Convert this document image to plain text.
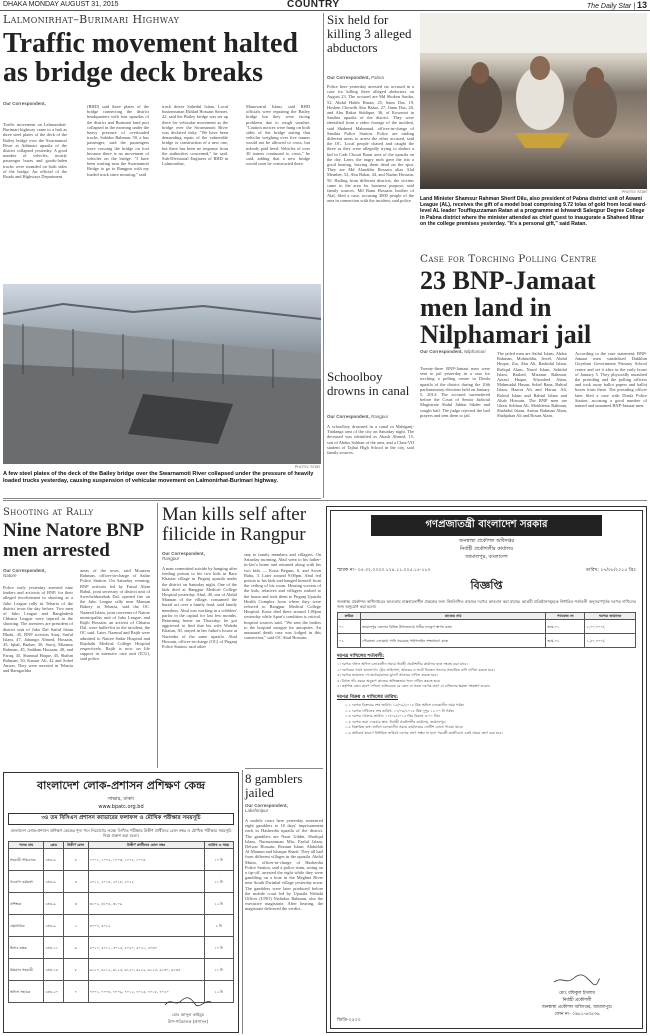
DHAKA MONDAY AUGUST 31, 2015	COUNTRY	The Daily Star | 13
Lalmonirhat–Burimari Highway
Traffic movement halted as bridge deck breaks
Our Correspondent,
Traffic movement on Lalmonirhat-Burimari highway came to a halt as three steel plates of the deck of the Bailey bridge over the Swarnamoti River at Aditmari upazila of the district collapsed yesterday. A good number of vehicles, mostly passenger buses and goods-laden trucks were stranded on both sides of the bridge. An official of the Roads and Highways Department
(RHD) said three plates of the bridge connecting the district headquarters with four upazilas of the district and Burimari land port collapsed in the morning under the heavy pressure of overloaded trucks. Sahidur Rahman, 50, a bus passenger, said the passengers were crossing the bridge on foot because there is no movement of vehicles on the bridge. "I have been waiting near the Swarnamoti Bridge to go to Rangpur with my loaded truck since morning," said
truck driver Sahedul Islam. Local businessman Ekhlad Hossain Sonnet, 42, said the Bailey bridge was set up there for vehicular movement as the bridge over the Swarnamoti River was declared risky. "We have been demanding repair of the vulnerable bridge or construction of a new one, but there has been no response from the authorities concerned," he said. Sub-Divisional Engineer of RHD in Lalmonirhat,
Manowarul Islam, said RHD officials were repairing the Bailey bridge but they were facing problems due to rough weather. "Caution notices were hung on both sides of the bridge stating that vehicles weighing over five tonnes would not be allowed to cross, but nobody paid heed. Vehicles of over 30 tonnes continued to cross," he said, adding that a new bridge would soon be constructed there.
PHOTO: STAR
A few steel plates of the deck of the Bailey bridge over the Swarnamoti River collapsed under the pressure of heavily loaded trucks yesterday, causing suspension of vehicular movement on Lalmonirhat-Burimari highway.
Six held for killing 3 alleged abductors
Our Correspondent, Pabna
Police here yesterday arrested six accused in a case for killing three alleged abductors on August 23. The accused are Md Shoken Sardar, 52, Abdul Habib Hasan, 25, Saim Das, 19, Hoshen Chowdh Abu Bakar, 27, Jinnu Das, 20, and Abu Bakar Siddique, 36, of Kosomoi in Santhia upazila of the district. They were identified from a video footage of the incident, said Shaheed Mahamud, officer-in-charge of Santhia Police Station. Police are raiding different areas to arrest the other accused, said the OC. Local people chased and caught the three as they were allegedly trying to abduct a kid in Cadt Chorai Burai area of the upazila on the day. Later, the angry mob gave the trio a good beating, leaving them dead on the spot. They are Md Alauddin Hossain alias Alal Member, 52, Abu Bakar, 44, and Nazim Hossain, 50. Hailing from different districts, the victims came to the area for business purpose, said family sources. Md Banu Hossain, brother of Alal, filed a case, accusing 3000 people of the area in connection with the incident, said police.
Schoolboy drowns in canal
Our Correspondent, Rangpur
A schoolboy drowned in a canal in Mahiganj-Tindanga area of the city on Saturday night. The deceased was identified as Akash Ahmed, 15, son of Abdus Sobhan of the area, and a Class-VII student of Tajhat High School in the city, said family sources.
PHOTO: STAR
Land Minister Shamsur Rahman Sherif Dilu, also president of Pabna district unit of Awami League (AL), receives the gift of a model boat comprising 9.72 tolas of gold from local ward-level AL leader Touffiquzzaman Ratan at a programme at Ishwardi Saleqpur Degree College in Pabna district where the minister attended as chief guest to inaugurate a Shaheed Minar on the college premises yesterday. "It's a personal gift," said Ratan.
Case for Torching Polling Centre
23 BNP-Jamaat men land in Nilphamari jail
Our Correspondent, Nilphamari
Twenty-three BNP-Jamaat men were sent to jail yesterday in a case for torching a polling centre in Dimla upazila of the district during the 10th parliamentary elections held on January 5, 2014. The accused surrendered before the Court of Senior Judicial Magistrate Abdul Jabbar Sikder and sought bail. The judge rejected the bail prayers and sent them to jail.
The jailed men are Saiful Islam, Abdur Rahman, Mohiuddin, Jewel, Abdul Hoque, Zia, Abu Ali, Rashidul Islam, Rafiqul Alam, Nurul Islam, Sohidul Islam, Rashed, Mizanur Rahman, Azizul Haque, Khorshed Alam, Mahmudul Hasan, Sohel Rana, Rabiul Islam, Hazrat Ali and Harun. Ali, Robiul Islam and Rabiul Islam and Altab Hossain. The BNP men are Ghazi Sobhan Ali, Mokhlesur Rahman, Shahidul Islam, Anisur Rahman Alam, Shahjahan Ali and Rosan Alam.
According to the case statement, BNP-Jamaat men vandalised Dakkhin Goyabari Government Primary School centre and set it afire in the early hours of January 5. They physically assaulted the presiding and the polling officers and took away ballot papers and ballot boxes from there. The presiding officer later filed a case with Dimla Police Station, accusing a good number of named and unnamed BNP-Jamaat men.
Shooting at Rally
Nine Natore BNP men arrested
Our Correspondent,
Natore
Police early yesterday arrested nine leaders and activists of BNP, for their alleged involvement in shooting at a Jubo League rally in Tebaria of the district town the day before. Two men of Jubo League and Bangladesh Chhatra League were injured in the shooting. The arrestees are president of district unit of Jubo Dal Saiful Islam Bhabi, 45, BNP activists Siraj, Saiful Islam, 47, Jahangir Ahmed, Hossain, 45, Iqbal, Bashar, 30, Soroj, Mizanur Rahman, 45, Saddam Hossain, 40, and Faruq, 45, Shamsul Haque, 45, Shahin Rahman, 50, Kausar Ali, 42 and Sohel Anwar. They were arrested in Tebaria and Baragachha
areas of the town, said Moazem Rahman, officer-in-charge of Sadar Police Station. On Saturday evening, BNP activists led by Faisal Alam Babul, joint secretary of district unit of Swechchhasebak Dal, opened fire on the Jubo League rally near Mamun Bakery at Tebaria, said the OC. Nazmul Islam, joint convener of Natore municipality unit of Jubo League, and Rajib Hossain, an activist of Chhatra Dal, were bullet-hit in the incident, the OC said. Later, Nazmul and Rajib were admitted to Natore Sadar Hospital and Rajshahi Medical College Hospital respectively. Rajib is now on life support in intensive care unit (ICU), said police.
Man kills self after filicide in Rangpur
Our Correspondent,
Rangpur
A man committed suicide by hanging after feeding poison to his two kids in Baro Khatazi village in Pirganj upazila under the district on Saturday night. One of the kids died at Rangpur Medical College Hospital yesterday. Abul, 40, son of Abdul Mannan of the village, consumed the burial act over a family feud, said family members. Abul was working in a cobblers' parlor in the capital for last few months. Returning home on Thursday, he got aggrieved to find that his wife Waleda Khatun, 30, stayed in her father's house at Narendra of the same upazila. Abul Hossain, officer-in-charge (OC) of Pirganj Police Station, said other
stay to family members and villagers. On Saturday morning, Abul went to his father-in-law's home and returned along with his two kids — Kona Begum, 6, and Swon Babu, 3. Later around 9:00pm, Abul fed poison to his kids and hanged himself from the ceiling of his room. Hearing scream of the kids, relatives and villagers rushed to the house and took them to Pirganj Upazila Health Complex from where they were referred to Rangpur Medical College Hospital. Kona died there around 1:00pm yesterday while Apon's condition is critical, hospital sources said. "We sent the bodies to the hospital morgue for autopsies. An unnatural death case was lodged in this connection," said OC Abul Hossain.
8 gamblers jailed
Our Correspondent,
Lakshmipur
A mobile court here yesterday sentenced eight gamblers to 10 days' imprisonment each in Hasherdia upazila of the district. The gamblers are Nasir Uddin, Shafiqul Islam, Nurnuzzaman Mia, Fazlul Islam, Delwar Hossain, Rezaun Islam, Abdullah Al-Mamun and Ishaque Sharif. They all hail from different villages in the upazila. Abdul Mutin, officer-in-charge of Hasherdia Police Station, said a police team, acting on a tip-off, arrested the eight while they were gambling on a boat in the Meghna River near South Dwinkal village yesterday noon. The gamblers were later produced before the mobile court led by Upazila Nirbahi Officer (UNO) Nishakor Rahman, also the executive magistrate. After hearing, the magistrate delivered the verdict.
বাংলাদেশ লোক-প্রশাসন প্রশিক্ষণ কেন্দ্র
সাভার, ঢাকা।
www.bpatc.org.bd
৩৪ তম বিসিএস প্রশাসন ক্যাডারের ফলাফল ও মৌখিক পরীক্ষার সময়সূচি
বাংলাদেশ লোক-প্রশাসন প্রশিক্ষণ কেন্দ্রের শূন্য পদে নিয়োগের লক্ষ্যে লিখিত পরীক্ষায় উত্তীর্ণ প্রার্থীদের রোল নম্বর ও মৌখিক পরীক্ষার সময়সূচি নিম্নে প্রকাশ করা হলো।
পদের নাম	গ্রেড	উত্তীর্ণ রোল	উত্তীর্ণ প্রার্থীদের রোল নম্বর	তারিখ ও সময়
সহকারী পরিচালক	গ্রেড-৯	৫	১০০১, ১০০২, ১০০৩, ১০০৫, ১০০৬	১০ টা
গবেষণা কর্মকর্তা	গ্রেড-৯	৪	২০১১, ২০১৪, ২০১৮, ২০২২	১১ টা
প্রশিক্ষক	গ্রেড-৯	৩	৩১০২, ৩১০৫, ৩১০৯	১২ টা
গ্রন্থাগারিক	গ্রেড-৯	২	৪০০৭, ৪০১২	২ টা
হিসাব রক্ষক	গ্রেড-১১	৬	৫০১০, ৫০১১, ৫০১৫, ৫০২০, ৫০২১, ৫০৩০	১০ টা
উচ্চমান সহকারী	গ্রেড-১৪	৮	৬১১০, ৬১১২, ৬১১৫, ৬১২০, ৬১২২, ৬১২৫, ৬১৩০, ৬১৩৫	১১ টা
অফিস সহায়ক	গ্রেড-২০	৭	৭০০১, ৭০০৪, ৭০০৯, ৭০১২, ৭০১৫, ৭০১৮, ৭০২০	১২ টা
মোঃ আব্দুল কাইয়ুম
উপ-পরিচালক (প্রশাসন)
গণপ্রজাতন্ত্রী বাংলাদেশ সরকার
জনস্বাস্থ্য প্রকৌশল অধিদপ্তর
নির্বাহী প্রকৌশলীর কার্যালয়
জামালপুর, বাংলাদেশ
স্মারক নং- ৩৫.৩২.০০০০.১২৪.১১.০০৫.১৫-১৮০	তারিখ: ২৭/০৮/২০১৫ খ্রিঃ
বিজ্ঞপ্তি
জনস্বাস্থ্য প্রকৌশল অধিদপ্তরের আওতায় বাস্তবায়নাধীন প্রকল্পের জন্য নিম্নলিখিত কাজের দরপত্র আহবান করা যাচ্ছে। আগ্রহী প্রতিষ্ঠানসমূহকে নির্ধারিত শর্তাবলী অনুসরণপূর্বক দরপত্র দাখিলের জন্য অনুরোধ করা হলো।
ক্রমিক	কাজের নাম	প্যাকেজ নং	দরপত্র জামানত
০১	জামালপুর জেলার বিভিন্ন উপজেলায় গভীর নলকূপ স্থাপন কাজ	জাম-০১	২,০০,০০০/-
০২	পৌরসভা এলাকায় পানি সরবরাহ পাইপলাইন সম্প্রসারণ কাজ	জাম-০২	১,৫০,০০০/-
দরপত্র দাখিলের শর্তাবলী:
১। দরপত্র দলিল অফিস চলাকালীন সময়ে নির্বাহী প্রকৌশলীর কার্যালয় হতে সংগ্রহ করা যাবে।
২। দরপত্রের সাথে হালনাগাদ ট্রেড লাইসেন্স, আয়কর ও ভ্যাট নিবন্ধন সনদের সত্যায়িত কপি দাখিল করতে হবে।
৩। দরপত্র জামানত পে-অর্ডার/ব্যাংক ড্রাফট আকারে দাখিল করতে হবে।
৪। বিগত পাঁচ বছরে অনুরূপ কাজের অভিজ্ঞতার সনদ দাখিল করতে হবে।
৫। কর্তৃপক্ষ কোন কারণ দর্শানো ব্যতিরেকে যে কোন বা সকল দরপত্র গ্রহণ বা বাতিলের ক্ষমতা সংরক্ষণ করেন।
দরপত্র বিক্রয় ও দাখিলের তারিখ:
১.১ দরপত্র বিক্রয়ের শেষ তারিখ: ১৬/০৯/২০১৫ খ্রিঃ অফিস চলাকালীন সময় পর্যন্ত।
১.২ দরপত্র দাখিলের শেষ তারিখ: ১৭/০৯/২০১৫ খ্রিঃ দুপুর ১২.০০ টা পর্যন্ত।
১.৩ দরপত্র খোলার তারিখ: ১৭/০৯/২০১৫ খ্রিঃ বিকাল ৩.০০ টায়।
১.৪ দরপত্র জমা দেওয়ার স্থান: নির্বাহী প্রকৌশলীর কার্যালয়, জামালপুর।
১.৫ বিস্তারিত তথ্য অফিস চলাকালীন সময়ে কার্যালয়ের নোটিশ বোর্ডে পাওয়া যাবে।
১.৬ অনিবার্য কারণে নির্ধারিত তারিখে দরপত্র গ্রহণ সম্ভব না হলে পরবর্তী কার্যদিবসে একই সময়ে গ্রহণ করা হবে।
মোঃ রফিকুল ইসলাম
নির্বাহী প্রকৌশলী
জনস্বাস্থ্য প্রকৌশল অধিদপ্তর, জামালপুর।
ফোন নং- ০৯৮১-৬৩৫৩৬
জিডি-২৫০০
